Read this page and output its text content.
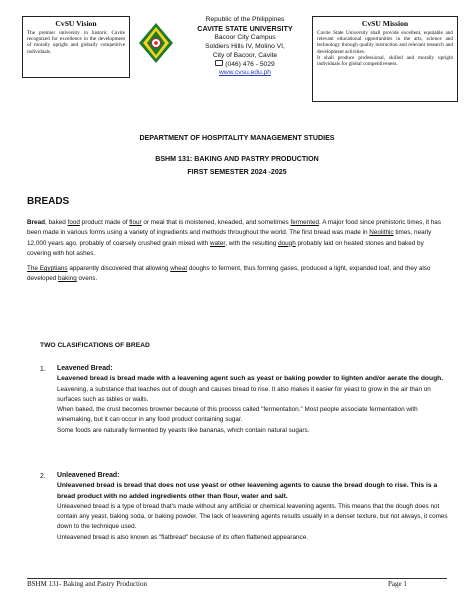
CvSU Vision
The premier university in historic Cavite recognized for excellence in the development of morally upright and globally competitive individuals.
Republic of the Philippines
CAVITE STATE UNIVERSITY
Bacoor City Campus
Soldiers Hills IV, Molino VI,
City of Bacoor, Cavite
(046) 476 - 5029
www.cvsu.edu.ph
CvSU Mission
Cavite State University shall provide excellent, equitable and relevant educational opportunities in the arts, science and technology through quality instruction and relevant research and development activities.
It shall produce professional, skilled and morally upright individuals for global competitiveness.
DEPARTMENT OF HOSPITALITY MANAGEMENT STUDIES
BSHM 131: BAKING AND PASTRY PRODUCTION
FIRST SEMESTER 2024 -2025
BREADS
Bread, baked food product made of flour or meal that is moistened, kneaded, and sometimes fermented. A major food since prehistoric times, it has been made in various forms using a variety of ingredients and methods throughout the world. The first bread was made in Neolithic times, nearly 12,000 years ago, probably of coarsely crushed grain mixed with water, with the resulting dough probably laid on heated stones and baked by covering with hot ashes.
The Egyptians apparently discovered that allowing wheat doughs to ferment, thus forming gases, produced a light, expanded loaf, and they also developed baking ovens.
TWO CLASIFICATIONS OF BREAD
1. Leavened Bread:
Leavened bread is bread made with a leavening agent such as yeast or baking powder to lighten and/or aerate the dough.
Leavening, a substance that leaches out of dough and causes bread to rise. It also makes it easier for yeast to grow in the air than on surfaces such as tables or walls.
When baked, the crust becomes browner because of this process called "fermentation." Most people associate fermentation with winemaking, but it can occur in any food product containing sugar.
Some foods are naturally fermented by yeasts like bananas, which contain natural sugars.
2. Unleavened Bread:
Unleavened bread is bread that does not use yeast or other leavening agents to cause the bread dough to rise. This is a bread product with no added ingredients other than flour, water and salt.
Unleavened bread is a type of bread that's made without any artificial or chemical leavening agents. This means that the dough does not contain any yeast, baking soda, or baking powder. The lack of leavening agents results usually in a denser texture, but not always, it comes down to the technique used.
Unleavened bread is also known as "flatbread" because of its often flattened appearance.
BSHM 131- Baking and Pastry Production	Page 1
